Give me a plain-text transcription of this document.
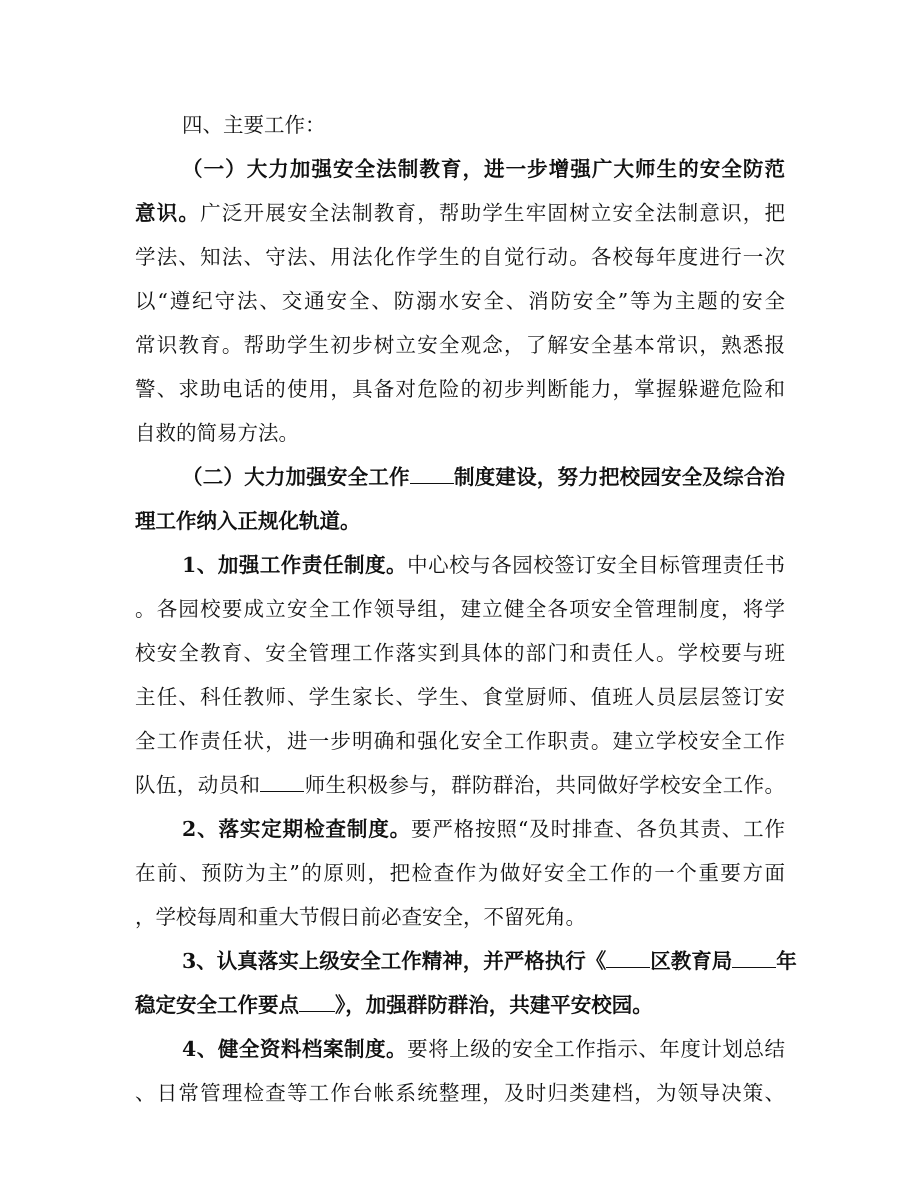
四、主要工作：
（一）大力加强安全法制教育，进一步增强广大师生的安全防范
意识。广泛开展安全法制教育，帮助学生牢固树立安全法制意识，把
学法、知法、守法、用法化作学生的自觉行动。各校每年度进行一次
以“遵纪守法、交通安全、防溺水安全、消防安全”等为主题的安全
常识教育。帮助学生初步树立安全观念，了解安全基本常识，熟悉报
警、求助电话的使用，具备对危险的初步判断能力，掌握躲避危险和
自救的简易方法。
（二）大力加强安全工作 制度建设，努力把校园安全及综合治
理工作纳入正规化轨道。
1、加强工作责任制度。中心校与各园校签订安全目标管理责任书
。各园校要成立安全工作领导组，建立健全各项安全管理制度，将学
校安全教育、安全管理工作落实到具体的部门和责任人。学校要与班
主任、科任教师、学生家长、学生、食堂厨师、值班人员层层签订安
全工作责任状，进一步明确和强化安全工作职责。建立学校安全工作
队伍，动员和 师生积极参与，群防群治，共同做好学校安全工作。
2、落实定期检查制度。要严格按照“及时排查、各负其责、工作
在前、预防为主”的原则，把检查作为做好安全工作的一个重要方面
，学校每周和重大节假日前必查安全，不留死角。
3、认真落实上级安全工作精神，并严格执行《 区教育局 年
稳定安全工作要点 》，加强群防群治，共建平安校园。
4、健全资料档案制度。要将上级的安全工作指示、年度计划总结
、日常管理检查等工作台帐系统整理，及时归类建档，为领导决策、
